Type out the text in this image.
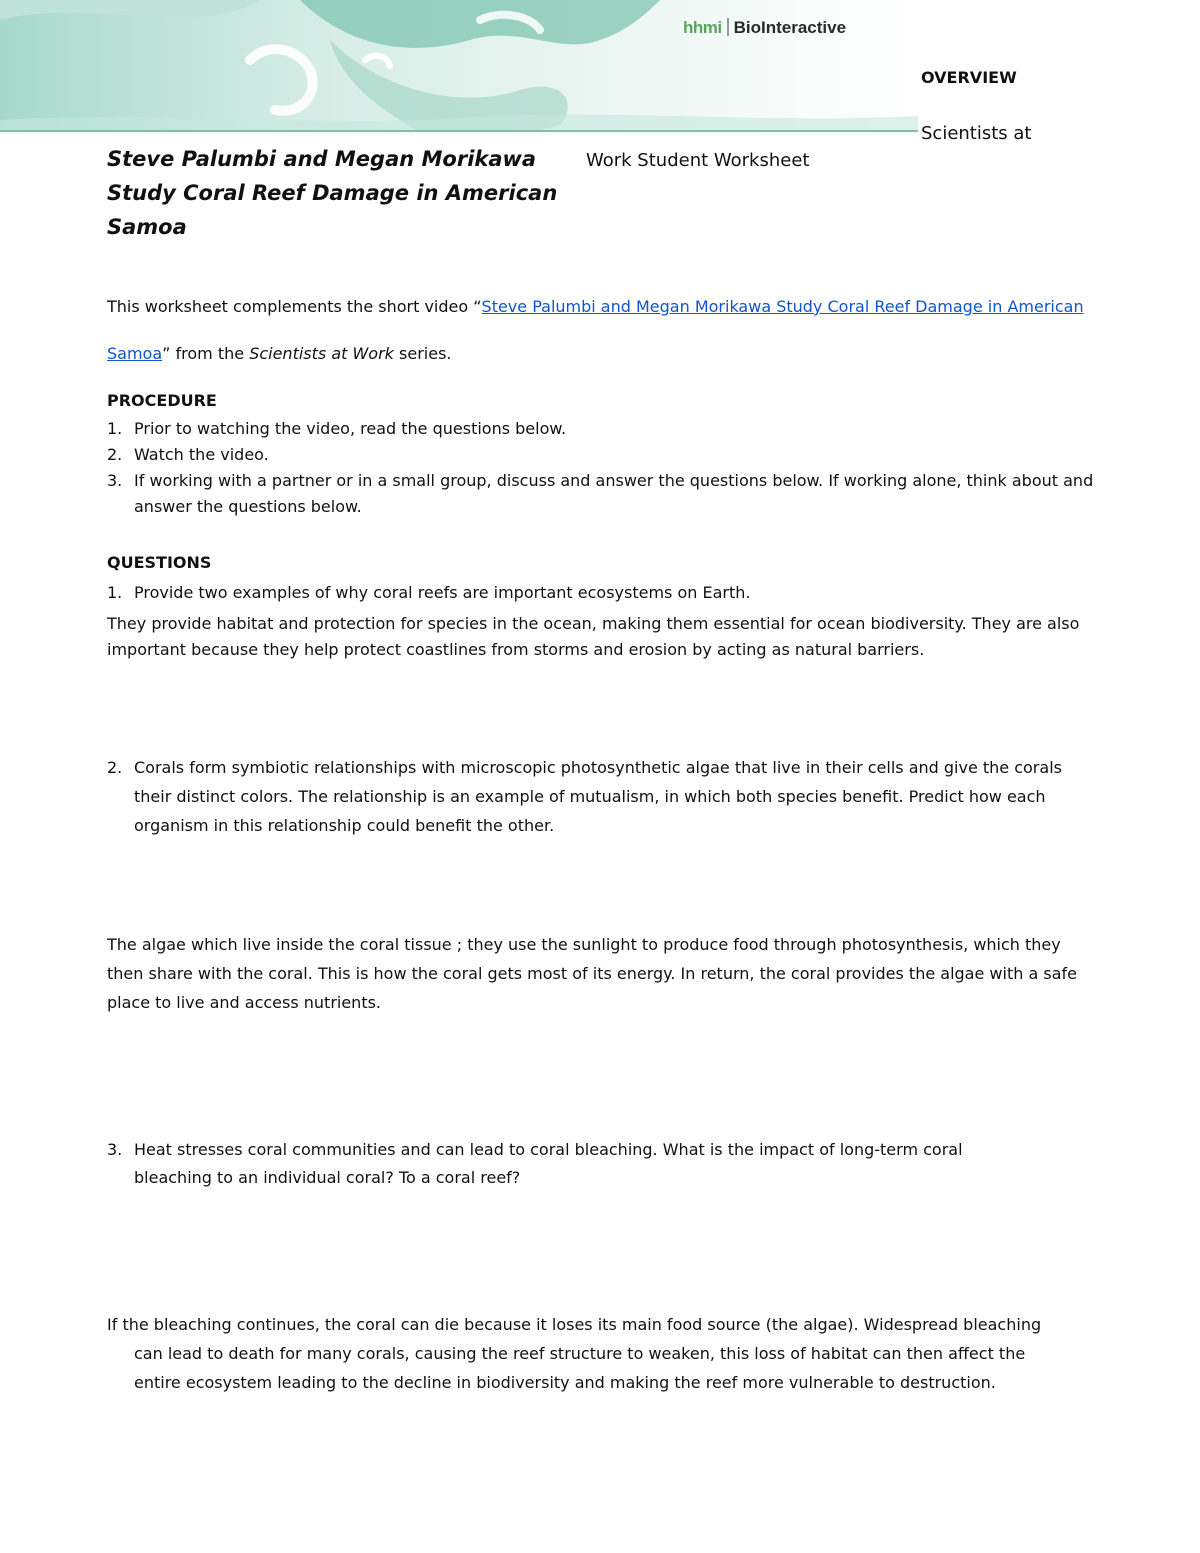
hhmi BioInteractive

OVERVIEW

Scientists at

Steve Palumbi and Megan Morikawa Study Coral Reef Damage in American Samoa

Work Student Worksheet

This worksheet complements the short video “Steve Palumbi and Megan Morikawa Study Coral Reef Damage in American Samoa” from the Scientists at Work series.

PROCEDURE

1. Prior to watching the video, read the questions below.
2. Watch the video.
3. If working with a partner or in a small group, discuss and answer the questions below. If working alone, think about and answer the questions below.

QUESTIONS

1. Provide two examples of why coral reefs are important ecosystems on Earth.

They provide habitat and protection for species in the ocean, making them essential for ocean biodiversity. They are also important because they help protect coastlines from storms and erosion by acting as natural barriers.

2. Corals form symbiotic relationships with microscopic photosynthetic algae that live in their cells and give the corals their distinct colors. The relationship is an example of mutualism, in which both species benefit. Predict how each organism in this relationship could benefit the other.

The algae which live inside the coral tissue ; they use the sunlight to produce food through photosynthesis, which they then share with the coral. This is how the coral gets most of its energy. In return, the coral provides the algae with a safe place to live and access nutrients.

3. Heat stresses coral communities and can lead to coral bleaching. What is the impact of long-term coral bleaching to an individual coral? To a coral reef?

If the bleaching continues, the coral can die because it loses its main food source (the algae). Widespread bleaching can lead to death for many corals, causing the reef structure to weaken, this loss of habitat can then affect the entire ecosystem leading to the decline in biodiversity and making the reef more vulnerable to destruction.
